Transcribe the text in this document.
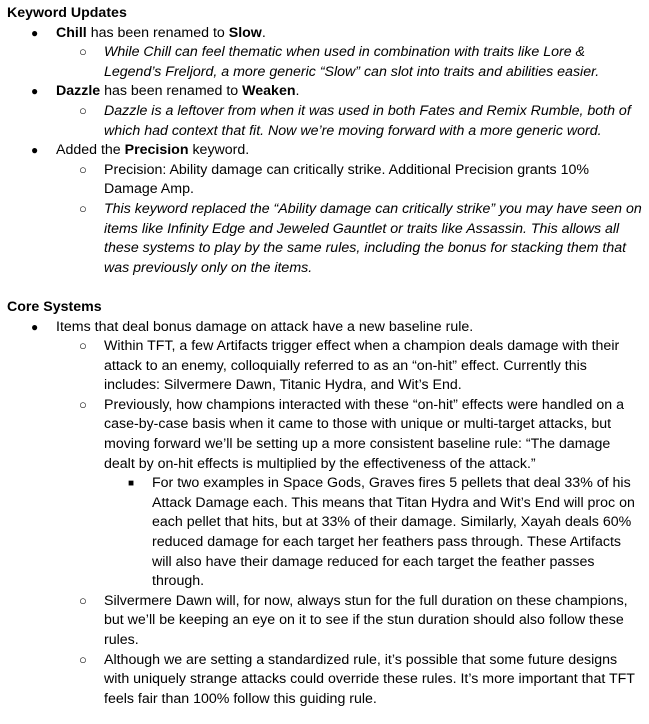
Keyword Updates
● Chill has been renamed to Slow.
○ While Chill can feel thematic when used in combination with traits like Lore & Legend’s Freljord, a more generic “Slow” can slot into traits and abilities easier.
● Dazzle has been renamed to Weaken.
○ Dazzle is a leftover from when it was used in both Fates and Remix Rumble, both of which had context that fit. Now we’re moving forward with a more generic word.
● Added the Precision keyword.
○ Precision: Ability damage can critically strike. Additional Precision grants 10% Damage Amp.
○ This keyword replaced the “Ability damage can critically strike” you may have seen on items like Infinity Edge and Jeweled Gauntlet or traits like Assassin. This allows all these systems to play by the same rules, including the bonus for stacking them that was previously only on the items.
Core Systems
● Items that deal bonus damage on attack have a new baseline rule.
○ Within TFT, a few Artifacts trigger effect when a champion deals damage with their attack to an enemy, colloquially referred to as an “on-hit” effect. Currently this includes: Silvermere Dawn, Titanic Hydra, and Wit’s End.
○ Previously, how champions interacted with these “on-hit” effects were handled on a case-by-case basis when it came to those with unique or multi-target attacks, but moving forward we’ll be setting up a more consistent baseline rule: “The damage dealt by on-hit effects is multiplied by the effectiveness of the attack.”
■ For two examples in Space Gods, Graves fires 5 pellets that deal 33% of his Attack Damage each. This means that Titan Hydra and Wit’s End will proc on each pellet that hits, but at 33% of their damage. Similarly, Xayah deals 60% reduced damage for each target her feathers pass through. These Artifacts will also have their damage reduced for each target the feather passes through.
○ Silvermere Dawn will, for now, always stun for the full duration on these champions, but we’ll be keeping an eye on it to see if the stun duration should also follow these rules.
○ Although we are setting a standardized rule, it’s possible that some future designs with uniquely strange attacks could override these rules. It’s more important that TFT feels fair than 100% follow this guiding rule.
